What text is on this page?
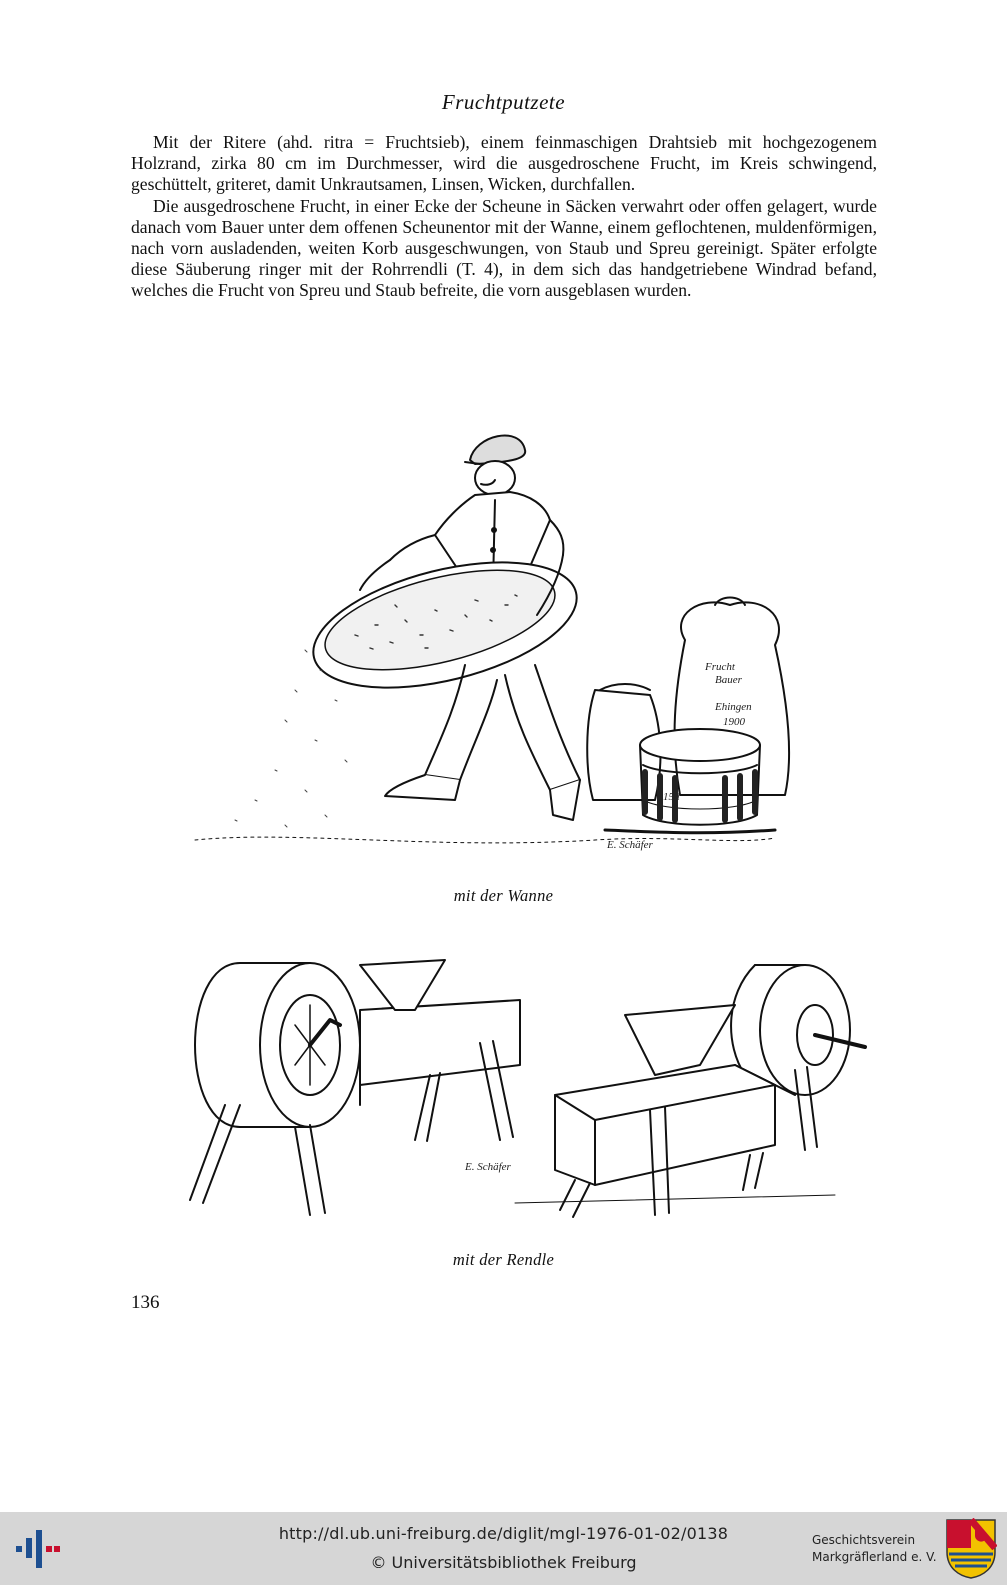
Fruchtputzete

Mit der Ritere (ahd. ritra = Fruchtsieb), einem feinmaschigen Drahtsieb mit hochgezogenem Holzrand, zirka 80 cm im Durchmesser, wird die ausgedroschene Frucht, im Kreis schwingend, geschüttelt, griteret, damit Unkrautsamen, Linsen, Wicken, durchfallen.

Die ausgedroschene Frucht, in einer Ecke der Scheune in Säcken verwahrt oder offen gelagert, wurde danach vom Bauer unter dem offenen Scheunentor mit der Wanne, einem geflochtenen, muldenförmigen, nach vorn ausladenden, weiten Korb ausgeschwungen, von Staub und Spreu gereinigt. Später erfolgte diese Säuberung ringer mit der Rohrrendli (T. 4), in dem sich das handgetriebene Windrad befand, welches die Frucht von Spreu und Staub befreite, die vorn ausgeblasen wurden.

15 l
Frucht
Bauer
Ehingen
1900
E. Schäfer
mit der Wanne
E. Schäfer
mit der Rendle
136
http://dl.ub.uni-freiburg.de/diglit/mgl-1976-01-02/0138
© Universitätsbibliothek Freiburg
Geschichtsverein
Markgräflerland e. V.
